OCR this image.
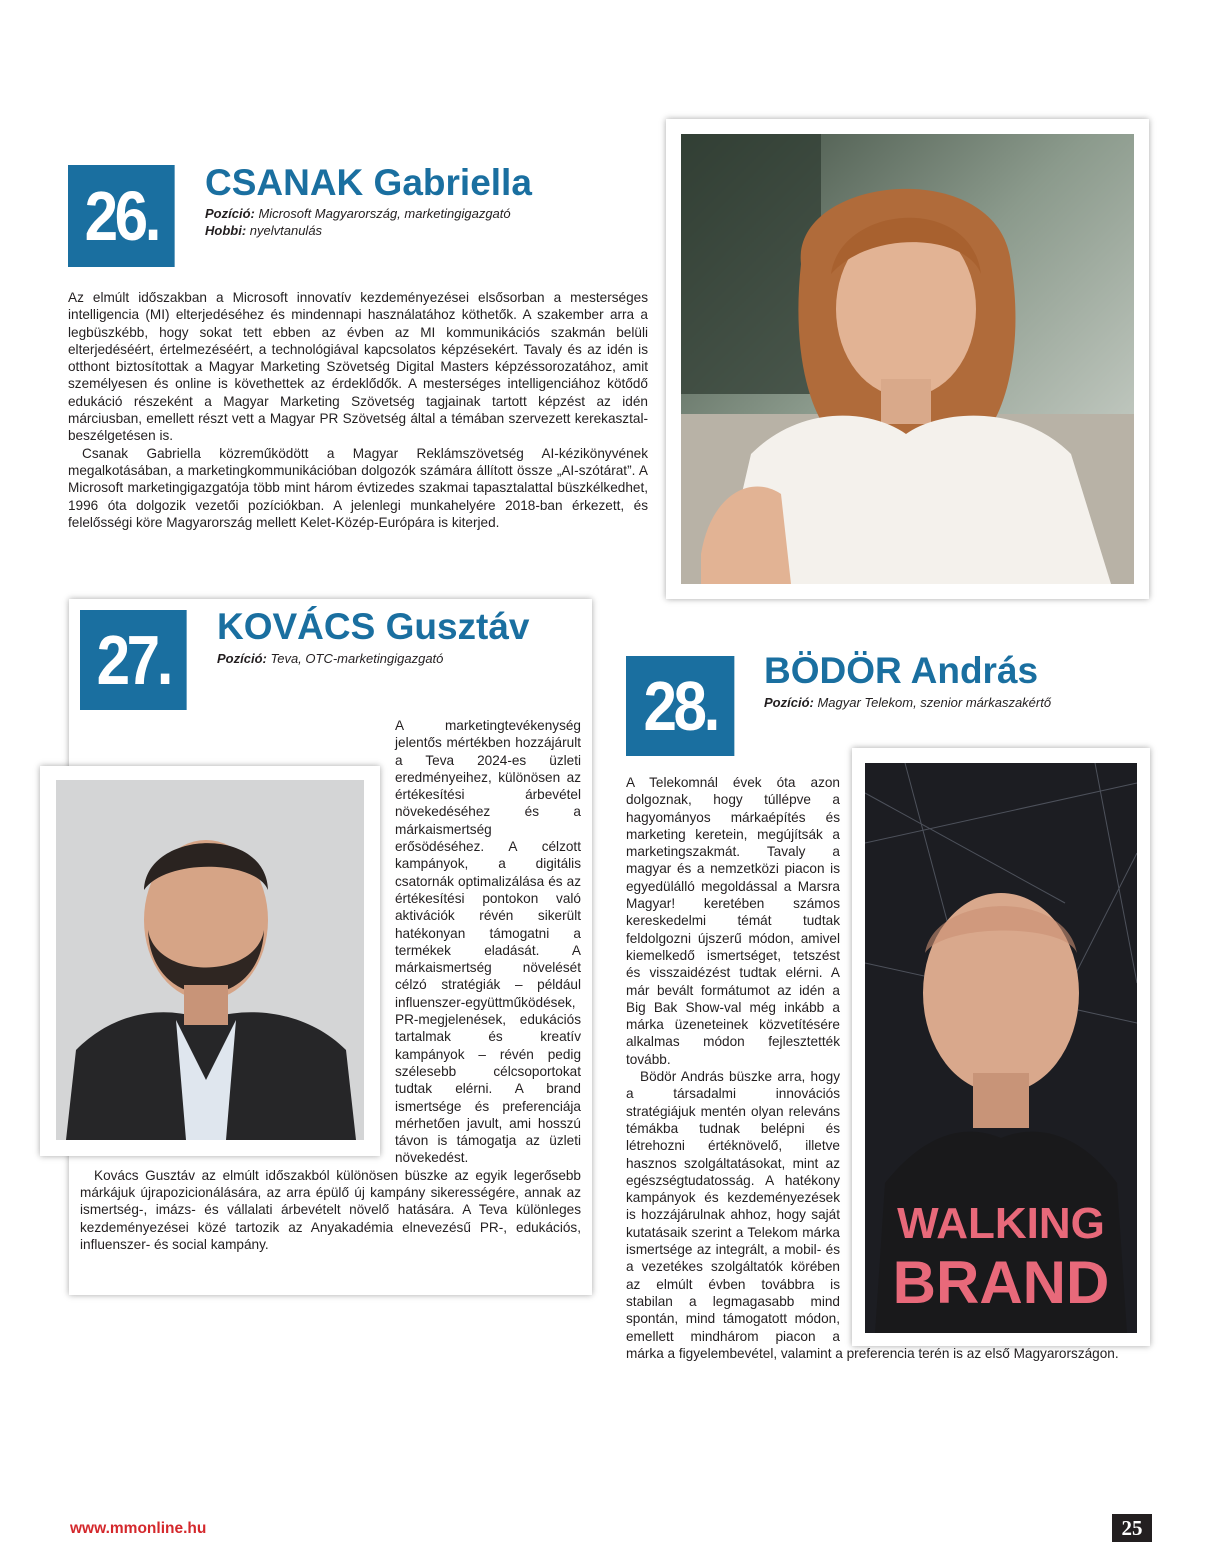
26. CSANAK Gabriella
Pozíció: Microsoft Magyarország, marketingigazgató
Hobbi: nyelvtanulás

Az elmúlt időszakban a Microsoft innovatív kezdeményezései elsősorban a mesterséges intelligencia (MI) elterjedéséhez és mindennapi használatához köthetők. A szakember arra a legbüszkébb, hogy sokat tett ebben az évben az MI kommunikációs szakmán belüli elterjedéséért, értelmezéséért, a technológiával kapcsolatos képzésekért. Tavaly és az idén is otthont biztosítottak a Magyar Marketing Szövetség Digital Masters képzéssorozatához, amit személyesen és online is követhettek az érdeklődők. A mesterséges intelligenciához kötődő edukáció részeként a Magyar Marketing Szövetség tagjainak tartott képzést az idén márciusban, emellett részt vett a Magyar PR Szövetség által a témában szervezett kerekasztal-beszélgetésen is.

Csanak Gabriella közreműködött a Magyar Reklámszövetség AI-kézikönyvének megalkotásában, a marketingkommunikációban dolgozók számára állított össze „AI-szótárat”. A Microsoft marketingigazgatója több mint három évtizedes szakmai tapasztalattal büszkélkedhet, 1996 óta dolgozik vezetői pozíciókban. A jelenlegi munkahelyére 2018-ban érkezett, és felelősségi köre Magyarország mellett Kelet-Közép-Európára is kiterjed.

27. KOVÁCS Gusztáv
Pozíció: Teva, OTC-marketingigazgató

A marketingtevékenység jelentős mértékben hozzájárult a Teva 2024-es üzleti eredményeihez, különösen az értékesítési árbevétel növekedéséhez és a márkaismertség erősödéséhez. A célzott kampányok, a digitális csatornák optimalizálása és az értékesítési pontokon való aktivációk révén sikerült hatékonyan támogatni a termékek eladását. A márkaismertség növelését célzó stratégiák – például influenszer-együttműködések, PR-megjelenések, edukációs tartalmak és kreatív kampányok – révén pedig szélesebb célcsoportokat tudtak elérni. A brand ismertsége és preferenciája mérhetően javult, ami hosszú távon is támogatja az üzleti növekedést.

Kovács Gusztáv az elmúlt időszakból különösen büszke az egyik legerősebb márkájuk újrapozicionálására, az arra épülő új kampány sikerességére, annak az ismertség-, imázs- és vállalati árbevételt növelő hatására. A Teva különleges kezdeményezései közé tartozik az Anyakadémia elnevezésű PR-, edukációs, influenszer- és social kampány.

28. BÖDÖR András
Pozíció: Magyar Telekom, szenior márkaszakértő

A Telekomnál évek óta azon dolgoznak, hogy túllépve a hagyományos márkaépítés és marketing keretein, megújítsák a marketingszakmát. Tavaly a magyar és a nemzetközi piacon is egyedülálló megoldással a Marsra Magyar! keretében számos kereskedelmi témát tudtak feldolgozni újszerű módon, amivel kiemelkedő ismertséget, tetszést és visszaidézést tudtak elérni. A már bevált formátumot az idén a Big Bak Show-val még inkább a márka üzeneteinek közvetítésére alkalmas módon fejlesztették tovább.

Bödör András büszke arra, hogy a társadalmi innovációs stratégiájuk mentén olyan releváns témákba tudnak belépni és létrehozni értéknövelő, illetve hasznos szolgáltatásokat, mint az egészségtudatosság. A hatékony kampányok és kezdeményezések is hozzájárulnak ahhoz, hogy saját kutatásaik szerint a Telekom márka ismertsége az integrált, a mobil- és a vezetékes szolgáltatók körében az elmúlt évben továbbra is stabilan a legmagasabb mind spontán, mind támogatott módon, emellett mindhárom piacon a márka a figyelembevétel, valamint a preferencia terén is az első Magyarországon.

WALKING
BRAND
www.mmonline.hu	25
